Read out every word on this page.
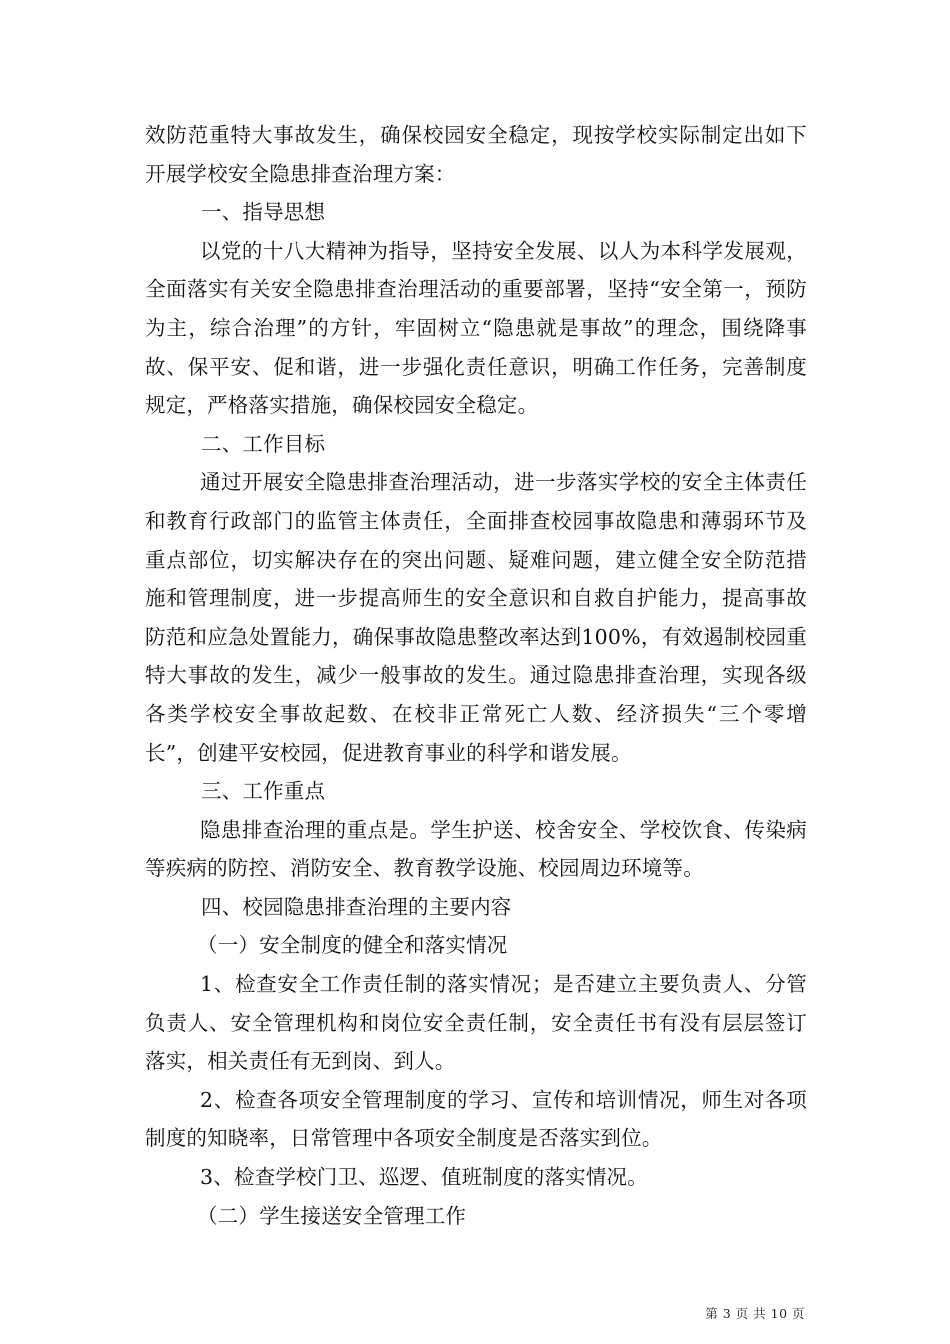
效防范重特大事故发生，确保校园安全稳定，现按学校实际制定出如下开展学校安全隐患排查治理方案：

一、指导思想

以党的十八大精神为指导，坚持安全发展、以人为本科学发展观，全面落实有关安全隐患排查治理活动的重要部署，坚持“安全第一，预防为主，综合治理”的方针，牢固树立“隐患就是事故”的理念，围绕降事故、保平安、促和谐，进一步强化责任意识，明确工作任务，完善制度规定，严格落实措施，确保校园安全稳定。

二、工作目标

通过开展安全隐患排查治理活动，进一步落实学校的安全主体责任和教育行政部门的监管主体责任，全面排查校园事故隐患和薄弱环节及重点部位，切实解决存在的突出问题、疑难问题，建立健全安全防范措施和管理制度，进一步提高师生的安全意识和自救自护能力，提高事故防范和应急处置能力，确保事故隐患整改率达到100%，有效遏制校园重特大事故的发生，减少一般事故的发生。通过隐患排查治理，实现各级各类学校安全事故起数、在校非正常死亡人数、经济损失“三个零增长”，创建平安校园，促进教育事业的科学和谐发展。

三、工作重点

隐患排查治理的重点是。学生护送、校舍安全、学校饮食、传染病等疾病的防控、消防安全、教育教学设施、校园周边环境等。

四、校园隐患排查治理的主要内容

（一）安全制度的健全和落实情况

1、检查安全工作责任制的落实情况；是否建立主要负责人、分管负责人、安全管理机构和岗位安全责任制，安全责任书有没有层层签订落实，相关责任有无到岗、到人。

2、检查各项安全管理制度的学习、宣传和培训情况，师生对各项制度的知晓率，日常管理中各项安全制度是否落实到位。

3、检查学校门卫、巡逻、值班制度的落实情况。

（二）学生接送安全管理工作

第 3 页 共 10 页
